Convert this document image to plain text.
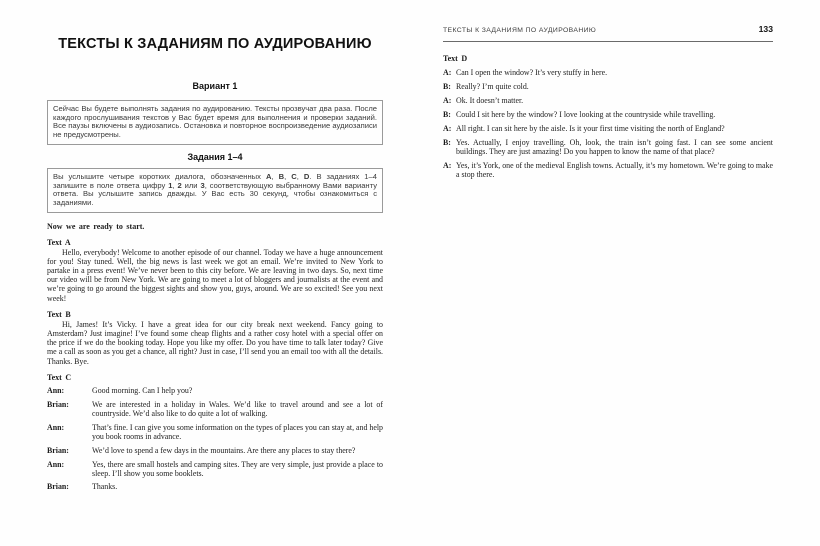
ТЕКСТЫ К ЗАДАНИЯМ ПО АУДИРОВАНИЮ
Вариант 1
Сейчас Вы будете выполнять задания по аудированию. Тексты прозвучат два раза. После каждого прослушивания текстов у Вас будет время для выполнения и проверки заданий. Все паузы включены в аудиозапись. Остановка и повторное воспроизведение аудиозаписи не предусмотрены.
Задания 1–4
Вы услышите четыре коротких диалога, обозначенных A, B, C, D. В заданиях 1–4 запишите в поле ответа цифру 1, 2 или 3, соответствующую выбранному Вами варианту ответа. Вы услышите запись дважды. У Вас есть 30 секунд, чтобы ознакомиться с заданиями.
Now we are ready to start.
Text A
Hello, everybody! Welcome to another episode of our channel. Today we have a huge announcement for you! Stay tuned. Well, the big news is last week we got an email. We’re invited to New York to partake in a press event! We’ve never been to this city before. We are leaving in two days. So, next time our video will be from New York. We are going to meet a lot of bloggers and journalists at the event and we’re going to go around the biggest sights and show you, guys, around. We are so excited! See you next week!
Text B
Hi, James! It’s Vicky. I have a great idea for our city break next weekend. Fancy going to Amsterdam? Just imagine! I’ve found some cheap flights and a rather cosy hotel with a special offer on the price if we do the booking today. Hope you like my offer. Do you have time to talk later today? Give me a call as soon as you get a chance, all right? Just in case, I’ll send you an email too with all the details. Thanks. Bye.
Text C
Ann:	Good morning. Can I help you?
Brian:	We are interested in a holiday in Wales. We’d like to travel around and see a lot of countryside. We’d also like to do quite a lot of walking.
Ann:	That’s fine. I can give you some information on the types of places you can stay at, and help you book rooms in advance.
Brian:	We’d love to spend a few days in the mountains. Are there any places to stay there?
Ann:	Yes, there are small hostels and camping sites. They are very simple, just provide a place to sleep. I’ll show you some booklets.
Brian:	Thanks.
ТЕКСТЫ К ЗАДАНИЯМ ПО АУДИРОВАНИЮ	133
Text D
A: Can I open the window? It’s very stuffy in here.
B: Really? I’m quite cold.
A: Ok. It doesn’t matter.
B: Could I sit here by the window? I love looking at the countryside while travelling.
A: All right. I can sit here by the aisle. Is it your first time visiting the north of England?
B: Yes. Actually, I enjoy travelling. Oh, look, the train isn’t going fast. I can see some ancient buildings. They are just amazing! Do you happen to know the name of that place?
A: Yes, it’s York, one of the medieval English towns. Actually, it’s my hometown. We’re going to make a stop there.
